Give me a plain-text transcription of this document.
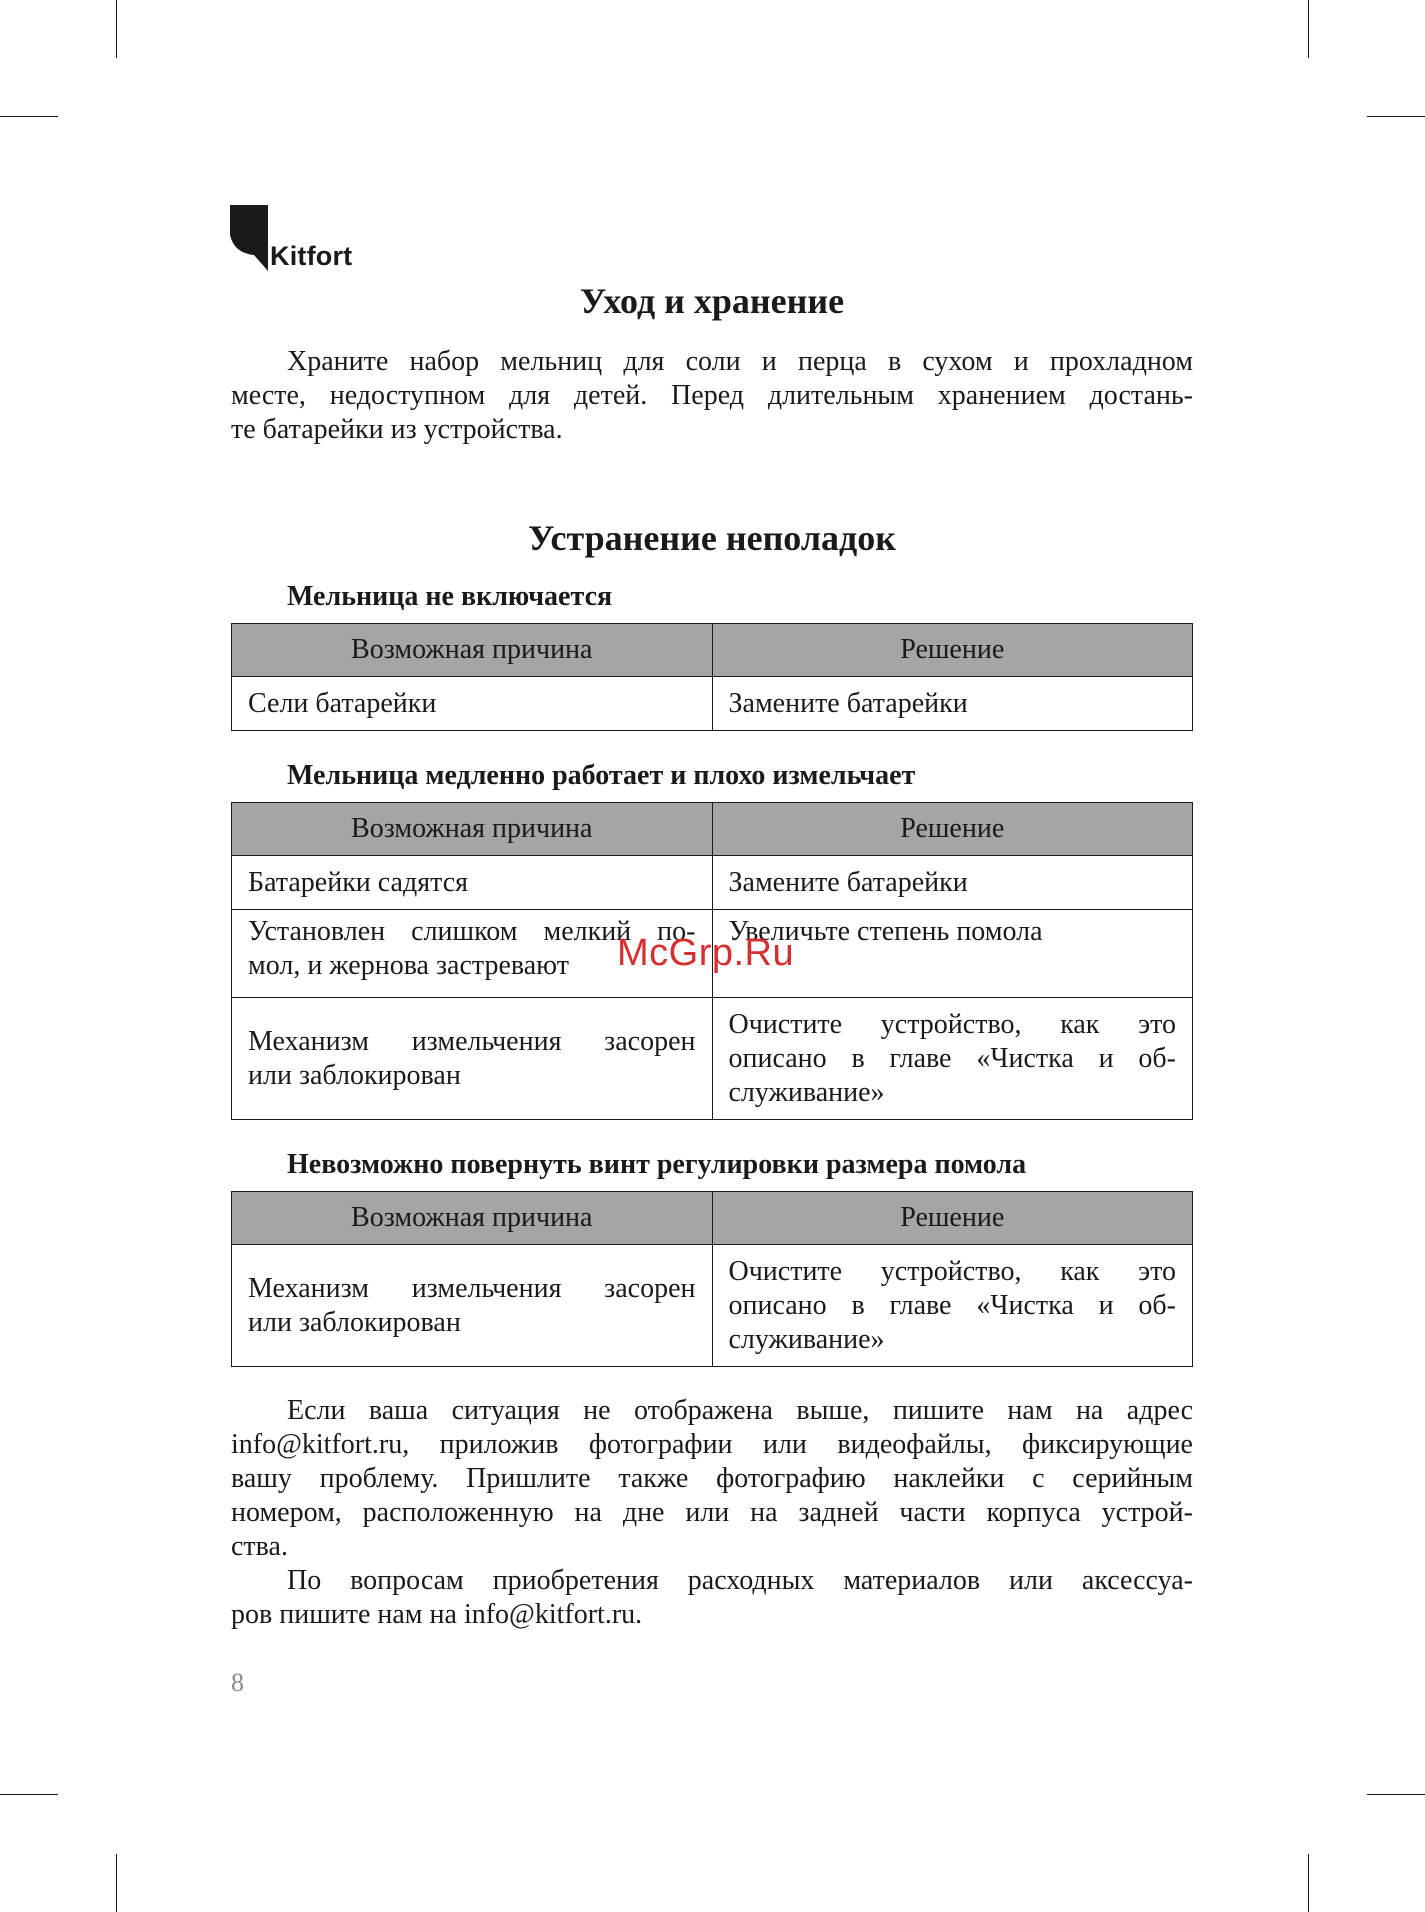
Kitfort
Уход и хранение

Храните набор мельниц для соли и перца в сухом и прохладном
месте, недоступном для детей. Перед длительным хранением достань-
те батарейки из устройства.

Устранение неполадок
Мельница не включается
Возможная причина	Решение

Сели батарейки	Замените батарейки
Мельница медленно работает и плохо измельчает
Возможная причина	Решение

Батарейки садятся	Замените батарейки

Установлен слишком мелкий по-
мол, и жернова застревают	Увеличьте степень помола

Механизм измельчения засорен
или заблокирован	Очистите устройство, как это
описано в главе «Чистка и об-
служивание»
Невозможно повернуть винт регулировки размера помола
Возможная причина	Решение

Механизм измельчения засорен
или заблокирован	Очистите устройство, как это
описано в главе «Чистка и об-
служивание»

Если ваша ситуация не отображена выше, пишите нам на адрес
info@kitfort.ru, приложив фотографии или видеофайлы, фиксирующие
вашу проблему. Пришлите также фотографию наклейки с серийным
номером, расположенную на дне или на задней части корпуса устрой-
ства.

По вопросам приобретения расходных материалов или аксессуа-
ров пишите нам на info@kitfort.ru.

McGrp.Ru
8
